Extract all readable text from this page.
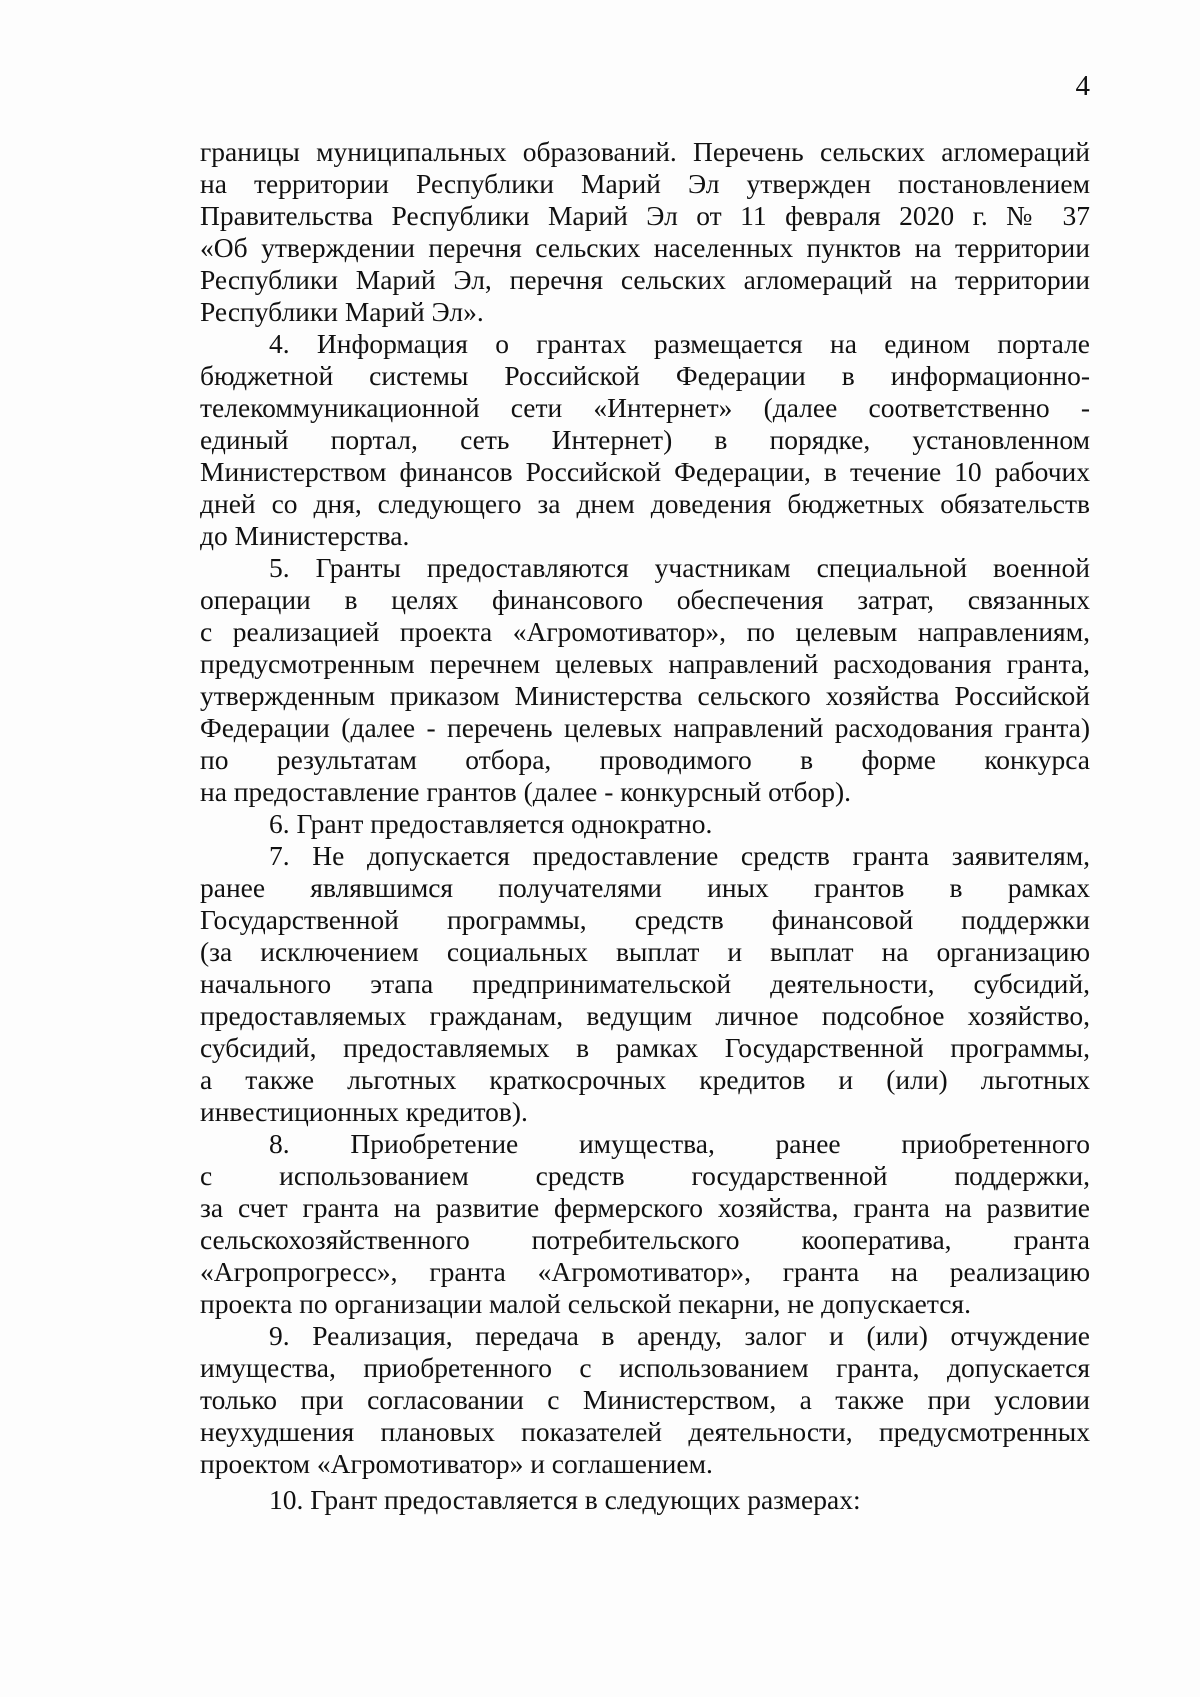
4
границы муниципальных образований. Перечень сельских агломераций
на территории Республики Марий Эл утвержден постановлением
Правительства Республики Марий Эл от 11 февраля 2020 г. № 37
«Об утверждении перечня сельских населенных пунктов на территории
Республики Марий Эл, перечня сельских агломераций на территории
Республики Марий Эл».
4. Информация о грантах размещается на едином портале
бюджетной системы Российской Федерации в информационно-
телекоммуникационной сети «Интернет» (далее соответственно -
единый портал, сеть Интернет) в порядке, установленном
Министерством финансов Российской Федерации, в течение 10 рабочих
дней со дня, следующего за днем доведения бюджетных обязательств
до Министерства.
5. Гранты предоставляются участникам специальной военной
операции в целях финансового обеспечения затрат, связанных
с реализацией проекта «Агромотиватор», по целевым направлениям,
предусмотренным перечнем целевых направлений расходования гранта,
утвержденным приказом Министерства сельского хозяйства Российской
Федерации (далее - перечень целевых направлений расходования гранта)
по результатам отбора, проводимого в форме конкурса
на предоставление грантов (далее - конкурсный отбор).
6. Грант предоставляется однократно.
7. Не допускается предоставление средств гранта заявителям,
ранее являвшимся получателями иных грантов в рамках
Государственной программы, средств финансовой поддержки
(за исключением социальных выплат и выплат на организацию
начального этапа предпринимательской деятельности, субсидий,
предоставляемых гражданам, ведущим личное подсобное хозяйство,
субсидий, предоставляемых в рамках Государственной программы,
а также льготных краткосрочных кредитов и (или) льготных
инвестиционных кредитов).
8. Приобретение имущества, ранее приобретенного
с использованием средств государственной поддержки,
за счет гранта на развитие фермерского хозяйства, гранта на развитие
сельскохозяйственного потребительского кооператива, гранта
«Агропрогресс», гранта «Агромотиватор», гранта на реализацию
проекта по организации малой сельской пекарни, не допускается.
9. Реализация, передача в аренду, залог и (или) отчуждение
имущества, приобретенного с использованием гранта, допускается
только при согласовании с Министерством, а также при условии
неухудшения плановых показателей деятельности, предусмотренных
проектом «Агромотиватор» и соглашением.
10. Грант предоставляется в следующих размерах:
